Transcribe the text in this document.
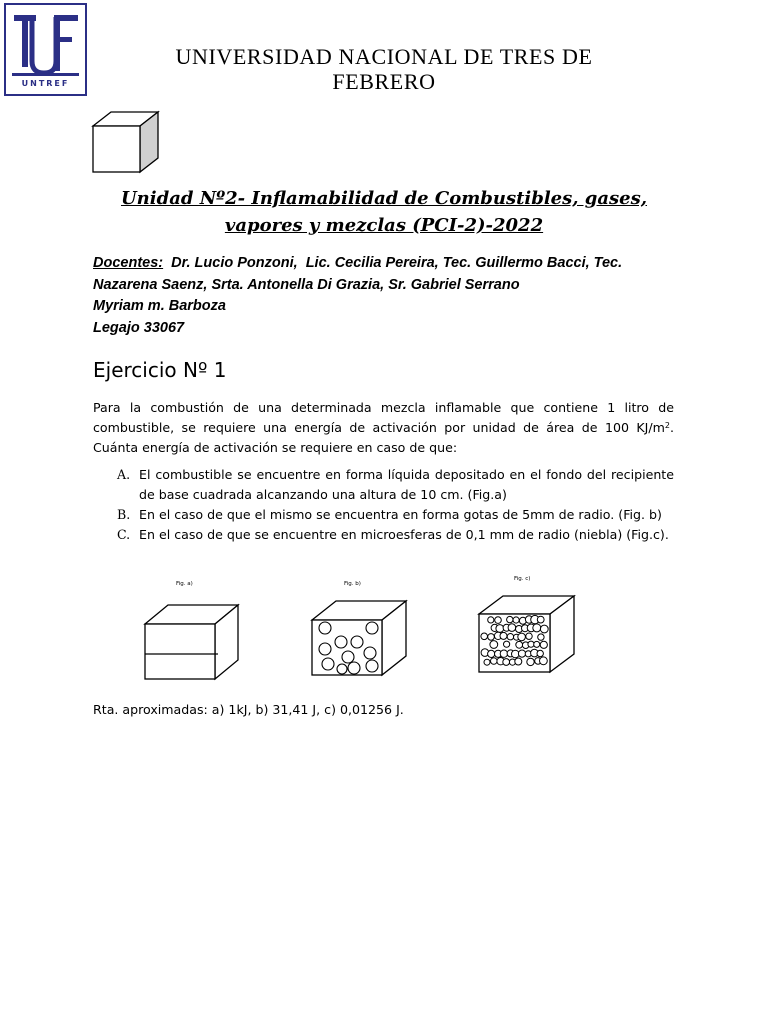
UNTREF
UNIVERSIDAD NACIONAL DE TRES DE
FEBRERO
Unidad Nº2- Inflamabilidad de Combustibles, gases,
vapores y mezclas (PCI-2)-2022
Docentes:  Dr. Lucio Ponzoni,  Lic. Cecilia Pereira, Tec. Guillermo Bacci, Tec.
Nazarena Saenz, Srta. Antonella Di Grazia, Sr. Gabriel Serrano
Myriam m. Barboza
Legajo 33067
Ejercicio Nº 1
Para la combustión de una determinada mezcla inflamable que contiene 1 litro de combustible, se requiere una energía de activación por unidad de área de 100 $KJ/m^2$. Cuánta energía de activación se requiere en caso de que:
A. El combustible se encuentre en forma líquida depositado en el fondo del recipiente de base cuadrada alcanzando una altura de 10 cm. (Fig.a)
B. En el caso de que el mismo se encuentra en forma gotas de 5mm de radio. (Fig. b)
C. En el caso de que se encuentre en microesferas de 0,1 mm de radio (niebla) (Fig.c).
Fig. a)	Fig. b)
Fig. c)
Rta. aproximadas: a) 1kJ, b) 31,41 J, c) 0,01256 J.
